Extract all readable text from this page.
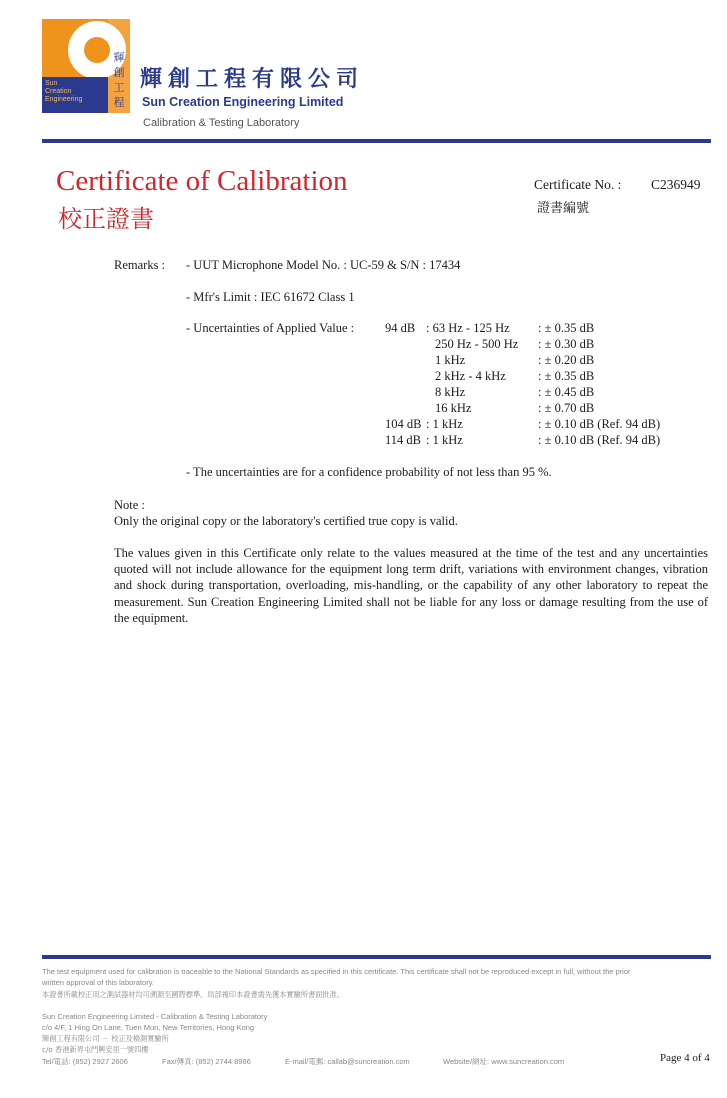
Sun
Creation
Engineering
輝
創
工
程
輝創工程有限公司
Sun Creation Engineering Limited
Calibration & Testing Laboratory
Certificate of Calibration
校正證書
Certificate No. : C236949
證書編號
Remarks : - UUT Microphone Model No. : UC-59 & S/N : 17434
- Mfr's Limit : IEC 61672 Class 1
- Uncertainties of Applied Value : 94 dB : 63 Hz - 125 Hz : ± 0.35 dB
250 Hz - 500 Hz : ± 0.30 dB
1 kHz	: ± 0.20 dB
2 kHz - 4 kHz	: ± 0.35 dB
8 kHz	: ± 0.45 dB
16 kHz	: ± 0.70 dB
104 dB : 1 kHz	: ± 0.10 dB (Ref. 94 dB)
114 dB : 1 kHz	: ± 0.10 dB (Ref. 94 dB)
- The uncertainties are for a confidence probability of not less than 95 %.
Note :
Only the original copy or the laboratory's certified true copy is valid.
The values given in this Certificate only relate to the values measured at the time of the test and any uncertainties quoted will not include allowance for the equipment long term drift, variations with environment changes, vibration and shock during transportation, overloading, mis-handling, or the capability of any other laboratory to repeat the measurement. Sun Creation Engineering Limited shall not be liable for any loss or damage resulting from the use of the equipment.
The test equipment used for calibration is traceable to the National Standards as specified in this certificate. This certificate shall not be reproduced except in full, without the prior
written approval of this laboratory.
本證書所載校正用之測試器材均可溯源至國際標準。局部複印本證書需先獲本實驗所書面批准。
Sun Creation Engineering Limited - Calibration & Testing Laboratory
c/o 4/F, 1 Hing On Lane, Tuen Mun, New Territories, Hong Kong
輝創工程有限公司 － 校正及檢測實驗所
c/o 香港新界屯門興安里一號四樓
Tel/電話: (852) 2927 2606	Fax/傳真: (852) 2744 8986	E-mail/電郵: callab@suncreation.com	Website/網址: www.suncreation.com	Page 4 of 4
